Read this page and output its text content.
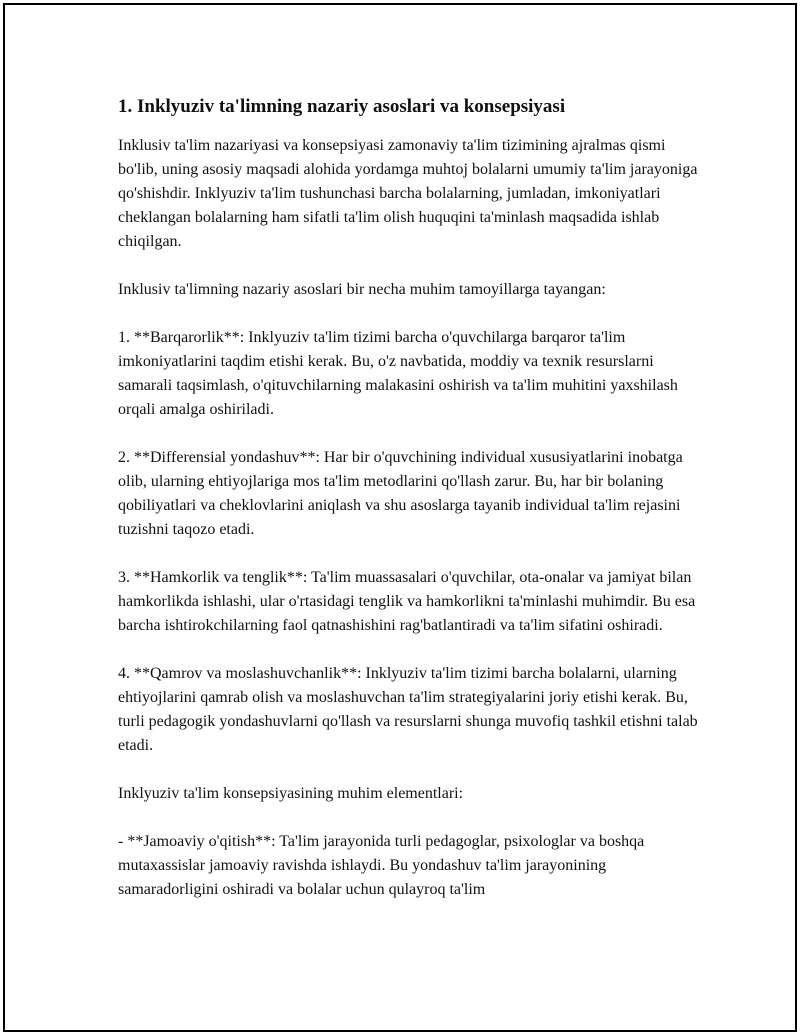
1. Inklyuziv ta'limning nazariy asoslari va konsepsiyasi

Inklusiv ta'lim nazariyasi va konsepsiyasi zamonaviy ta'lim tizimining ajralmas qismi bo'lib, uning asosiy maqsadi alohida yordamga muhtoj bolalarni umumiy ta'lim jarayoniga qo'shishdir. Inklyuziv ta'lim tushunchasi barcha bolalarning, jumladan, imkoniyatlari cheklangan bolalarning ham sifatli ta'lim olish huquqini ta'minlash maqsadida ishlab chiqilgan.

Inklusiv ta'limning nazariy asoslari bir necha muhim tamoyillarga tayangan:

1. **Barqarorlik**: Inklyuziv ta'lim tizimi barcha o'quvchilarga barqaror ta'lim imkoniyatlarini taqdim etishi kerak. Bu, o'z navbatida, moddiy va texnik resurslarni samarali taqsimlash, o'qituvchilarning malakasini oshirish va ta'lim muhitini yaxshilash orqali amalga oshiriladi.

2. **Differensial yondashuv**: Har bir o'quvchining individual xususiyatlarini inobatga olib, ularning ehtiyojlariga mos ta'lim metodlarini qo'llash zarur. Bu, har bir bolaning qobiliyatlari va cheklovlarini aniqlash va shu asoslarga tayanib individual ta'lim rejasini tuzishni taqozo etadi.

3. **Hamkorlik va tenglik**: Ta'lim muassasalari o'quvchilar, ota-onalar va jamiyat bilan hamkorlikda ishlashi, ular o'rtasidagi tenglik va hamkorlikni ta'minlashi muhimdir. Bu esa barcha ishtirokchilarning faol qatnashishini rag'batlantiradi va ta'lim sifatini oshiradi.

4. **Qamrov va moslashuvchanlik**: Inklyuziv ta'lim tizimi barcha bolalarni, ularning ehtiyojlarini qamrab olish va moslashuvchan ta'lim strategiyalarini joriy etishi kerak. Bu, turli pedagogik yondashuvlarni qo'llash va resurslarni shunga muvofiq tashkil etishni talab etadi.

Inklyuziv ta'lim konsepsiyasining muhim elementlari:

- **Jamoaviy o'qitish**: Ta'lim jarayonida turli pedagoglar, psixologlar va boshqa mutaxassislar jamoaviy ravishda ishlaydi. Bu yondashuv ta'lim jarayonining samaradorligini oshiradi va bolalar uchun qulayroq ta'lim
